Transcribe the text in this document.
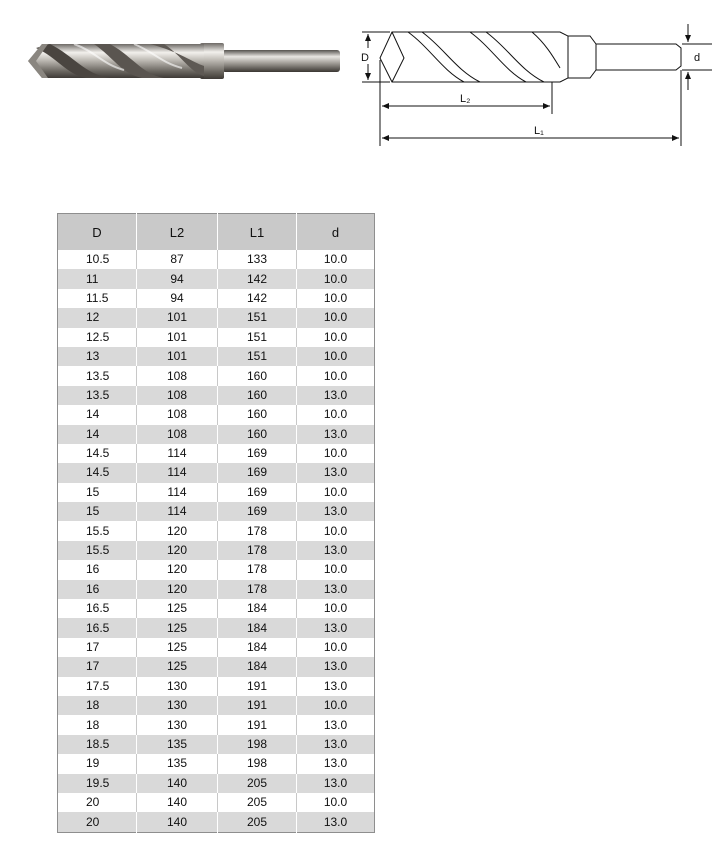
D	d
L₂
L₁
D	L2	L1	d
10.5	87	133	10.0
11	94	142	10.0
11.5	94	142	10.0
12	101	151	10.0
12.5	101	151	10.0
13	101	151	10.0
13.5	108	160	10.0
13.5	108	160	13.0
14	108	160	10.0
14	108	160	13.0
14.5	114	169	10.0
14.5	114	169	13.0
15	114	169	10.0
15	114	169	13.0
15.5	120	178	10.0
15.5	120	178	13.0
16	120	178	10.0
16	120	178	13.0
16.5	125	184	10.0
16.5	125	184	13.0
17	125	184	10.0
17	125	184	13.0
17.5	130	191	13.0
18	130	191	10.0
18	130	191	13.0
18.5	135	198	13.0
19	135	198	13.0
19.5	140	205	13.0
20	140	205	10.0
20	140	205	13.0
